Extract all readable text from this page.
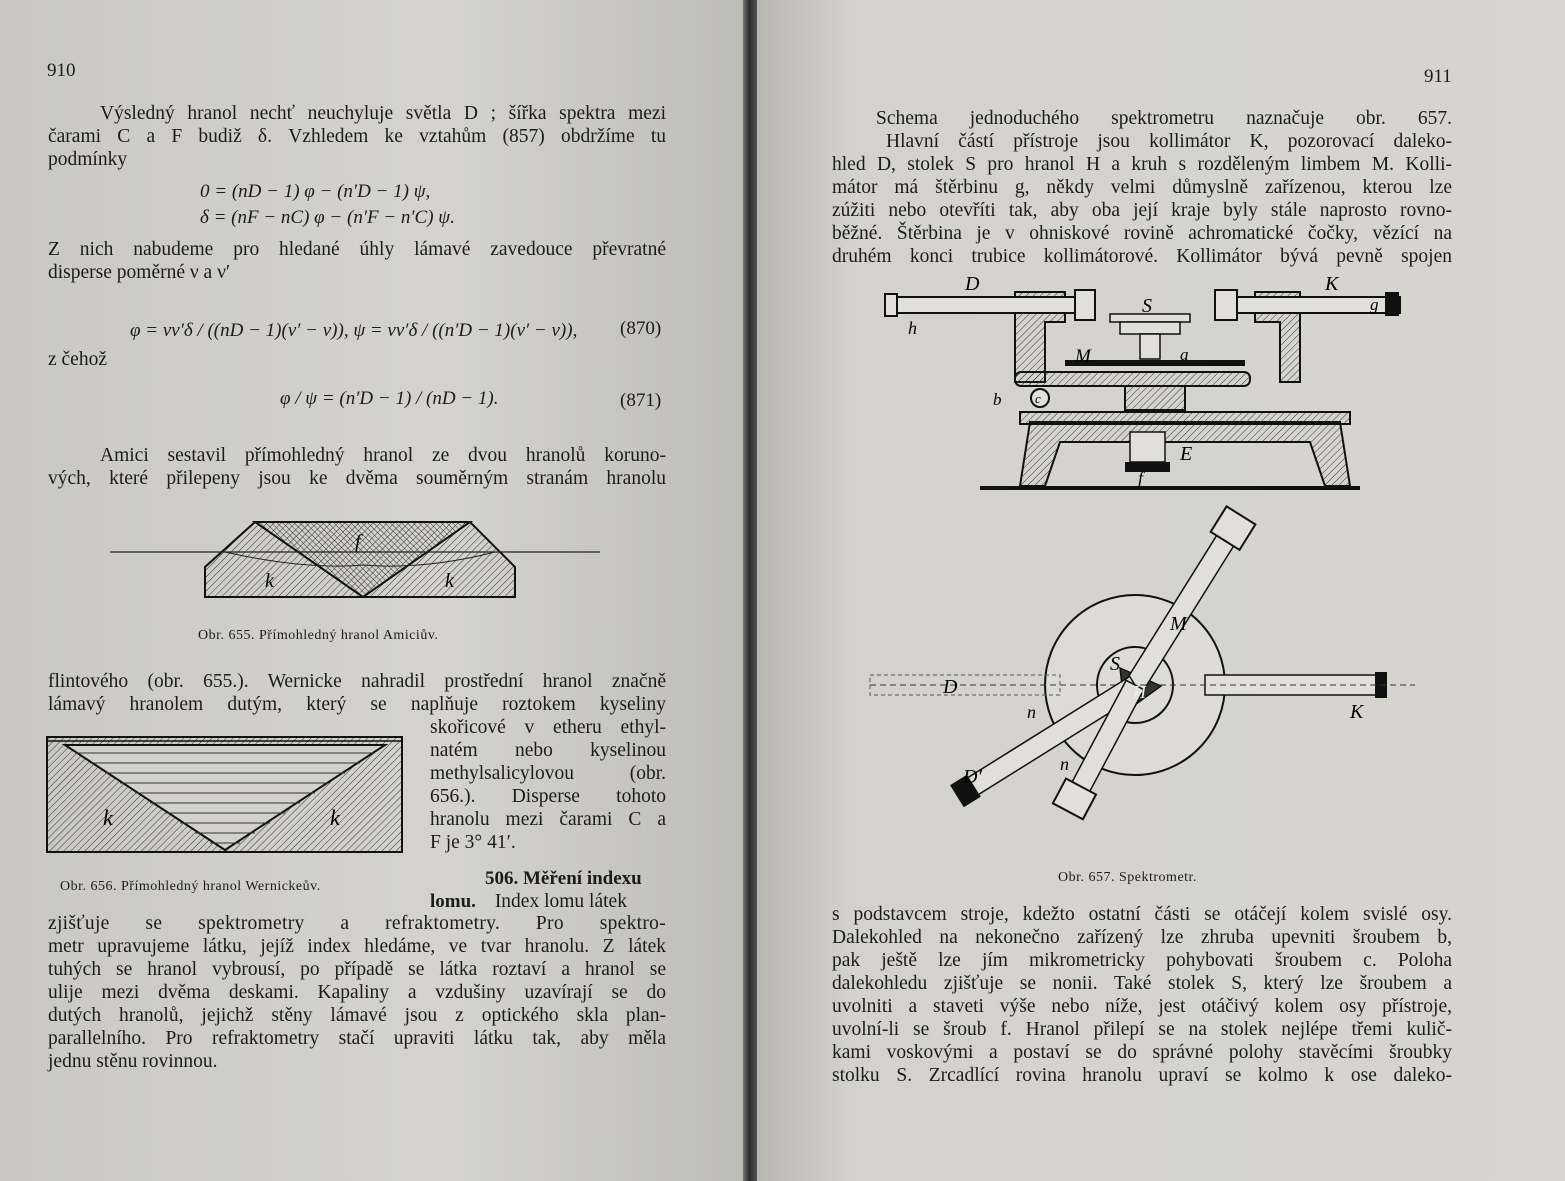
910
Výsledný hranol nechť neuchyluje světla D ; šířka spektra mezi
čarami C a F budiž δ. Vzhledem ke vztahům (857) obdržíme tu
podmínky
0 = (nD − 1) φ − (n′D − 1) ψ,
δ = (nF − nC) φ − (n′F − n′C) ψ.
Z nich nabudeme pro hledané úhly lámavé zavedouce převratné
disperse poměrné ν a ν′
φ = νν′δ / ((nD − 1)(ν′ − ν)), ψ = νν′δ / ((n′D − 1)(ν′ − ν)), (870)
z čehož
φ / ψ = (n′D − 1) / (nD − 1).	(871)
Amici sestavil přímohledný hranol ze dvou hranolů koruno-
vých, které přilepeny jsou ke dvěma souměrným stranám hranolu
f
k	k
Obr. 655. Přímohledný hranol Amiciův.
flintového (obr. 655.). Wernicke nahradil prostřední hranol značně
lámavý hranolem dutým, který se naplňuje roztokem kyseliny
skořicové v etheru ethyl-
natém nebo kyselinou
methylsalicylovou (obr.
656.). Disperse tohoto
hranolu mezi čarami C a
F je 3° 41′.
k	k
Obr. 656. Přímohledný hranol Wernickeův.	506. Měření indexu
lomu. Index lomu látek
zjišťuje se spektrometry a refraktometry. Pro spektro-
metr upravujeme látku, jejíž index hledáme, ve tvar hranolu. Z látek
tuhých se hranol vybrousí, po případě se látka roztaví a hranol se
ulije mezi dvěma deskami. Kapaliny a vzdušiny uzavírají se do
dutých hranolů, jejichž stěny lámavé jsou z optického skla plan-
parallelního. Pro refraktometry stačí upraviti látku tak, aby měla
jednu stěnu rovinnou.
911
Schema jednoduchého spektrometru naznačuje obr. 657.
Hlavní částí přístroje jsou kollimátor K, pozorovací daleko-
hled D, stolek S pro hranol H a kruh s rozděleným limbem M. Kolli-
mátor má štěrbinu g, někdy velmi důmyslně zařízenou, kterou lze
zúžiti nebo otevříti tak, aby oba její kraje byly stále naprosto rovno-
běžné. Štěrbina je v ohniskové rovině achromatické čočky, vězící na
druhém konci trubice kollimátorové. Kollimátor bývá pevně spojen
D
S
K
g
h
M	a
b	c
E
f
M
S
H
D
n	K
D′
n
Obr. 657. Spektrometr.
s podstavcem stroje, kdežto ostatní části se otáčejí kolem svislé osy.
Dalekohled na nekonečno zařízený lze zhruba upevniti šroubem b,
pak ještě lze jím mikrometricky pohybovati šroubem c. Poloha
dalekohledu zjišťuje se nonii. Také stolek S, který lze šroubem a
uvolniti a staveti výše nebo níže, jest otáčivý kolem osy přístroje,
uvolní-li se šroub f. Hranol přilepí se na stolek nejlépe třemi kulič-
kami voskovými a postaví se do správné polohy stavěcími šroubky
stolku S. Zrcadlící rovina hranolu upraví se kolmo k ose daleko-
